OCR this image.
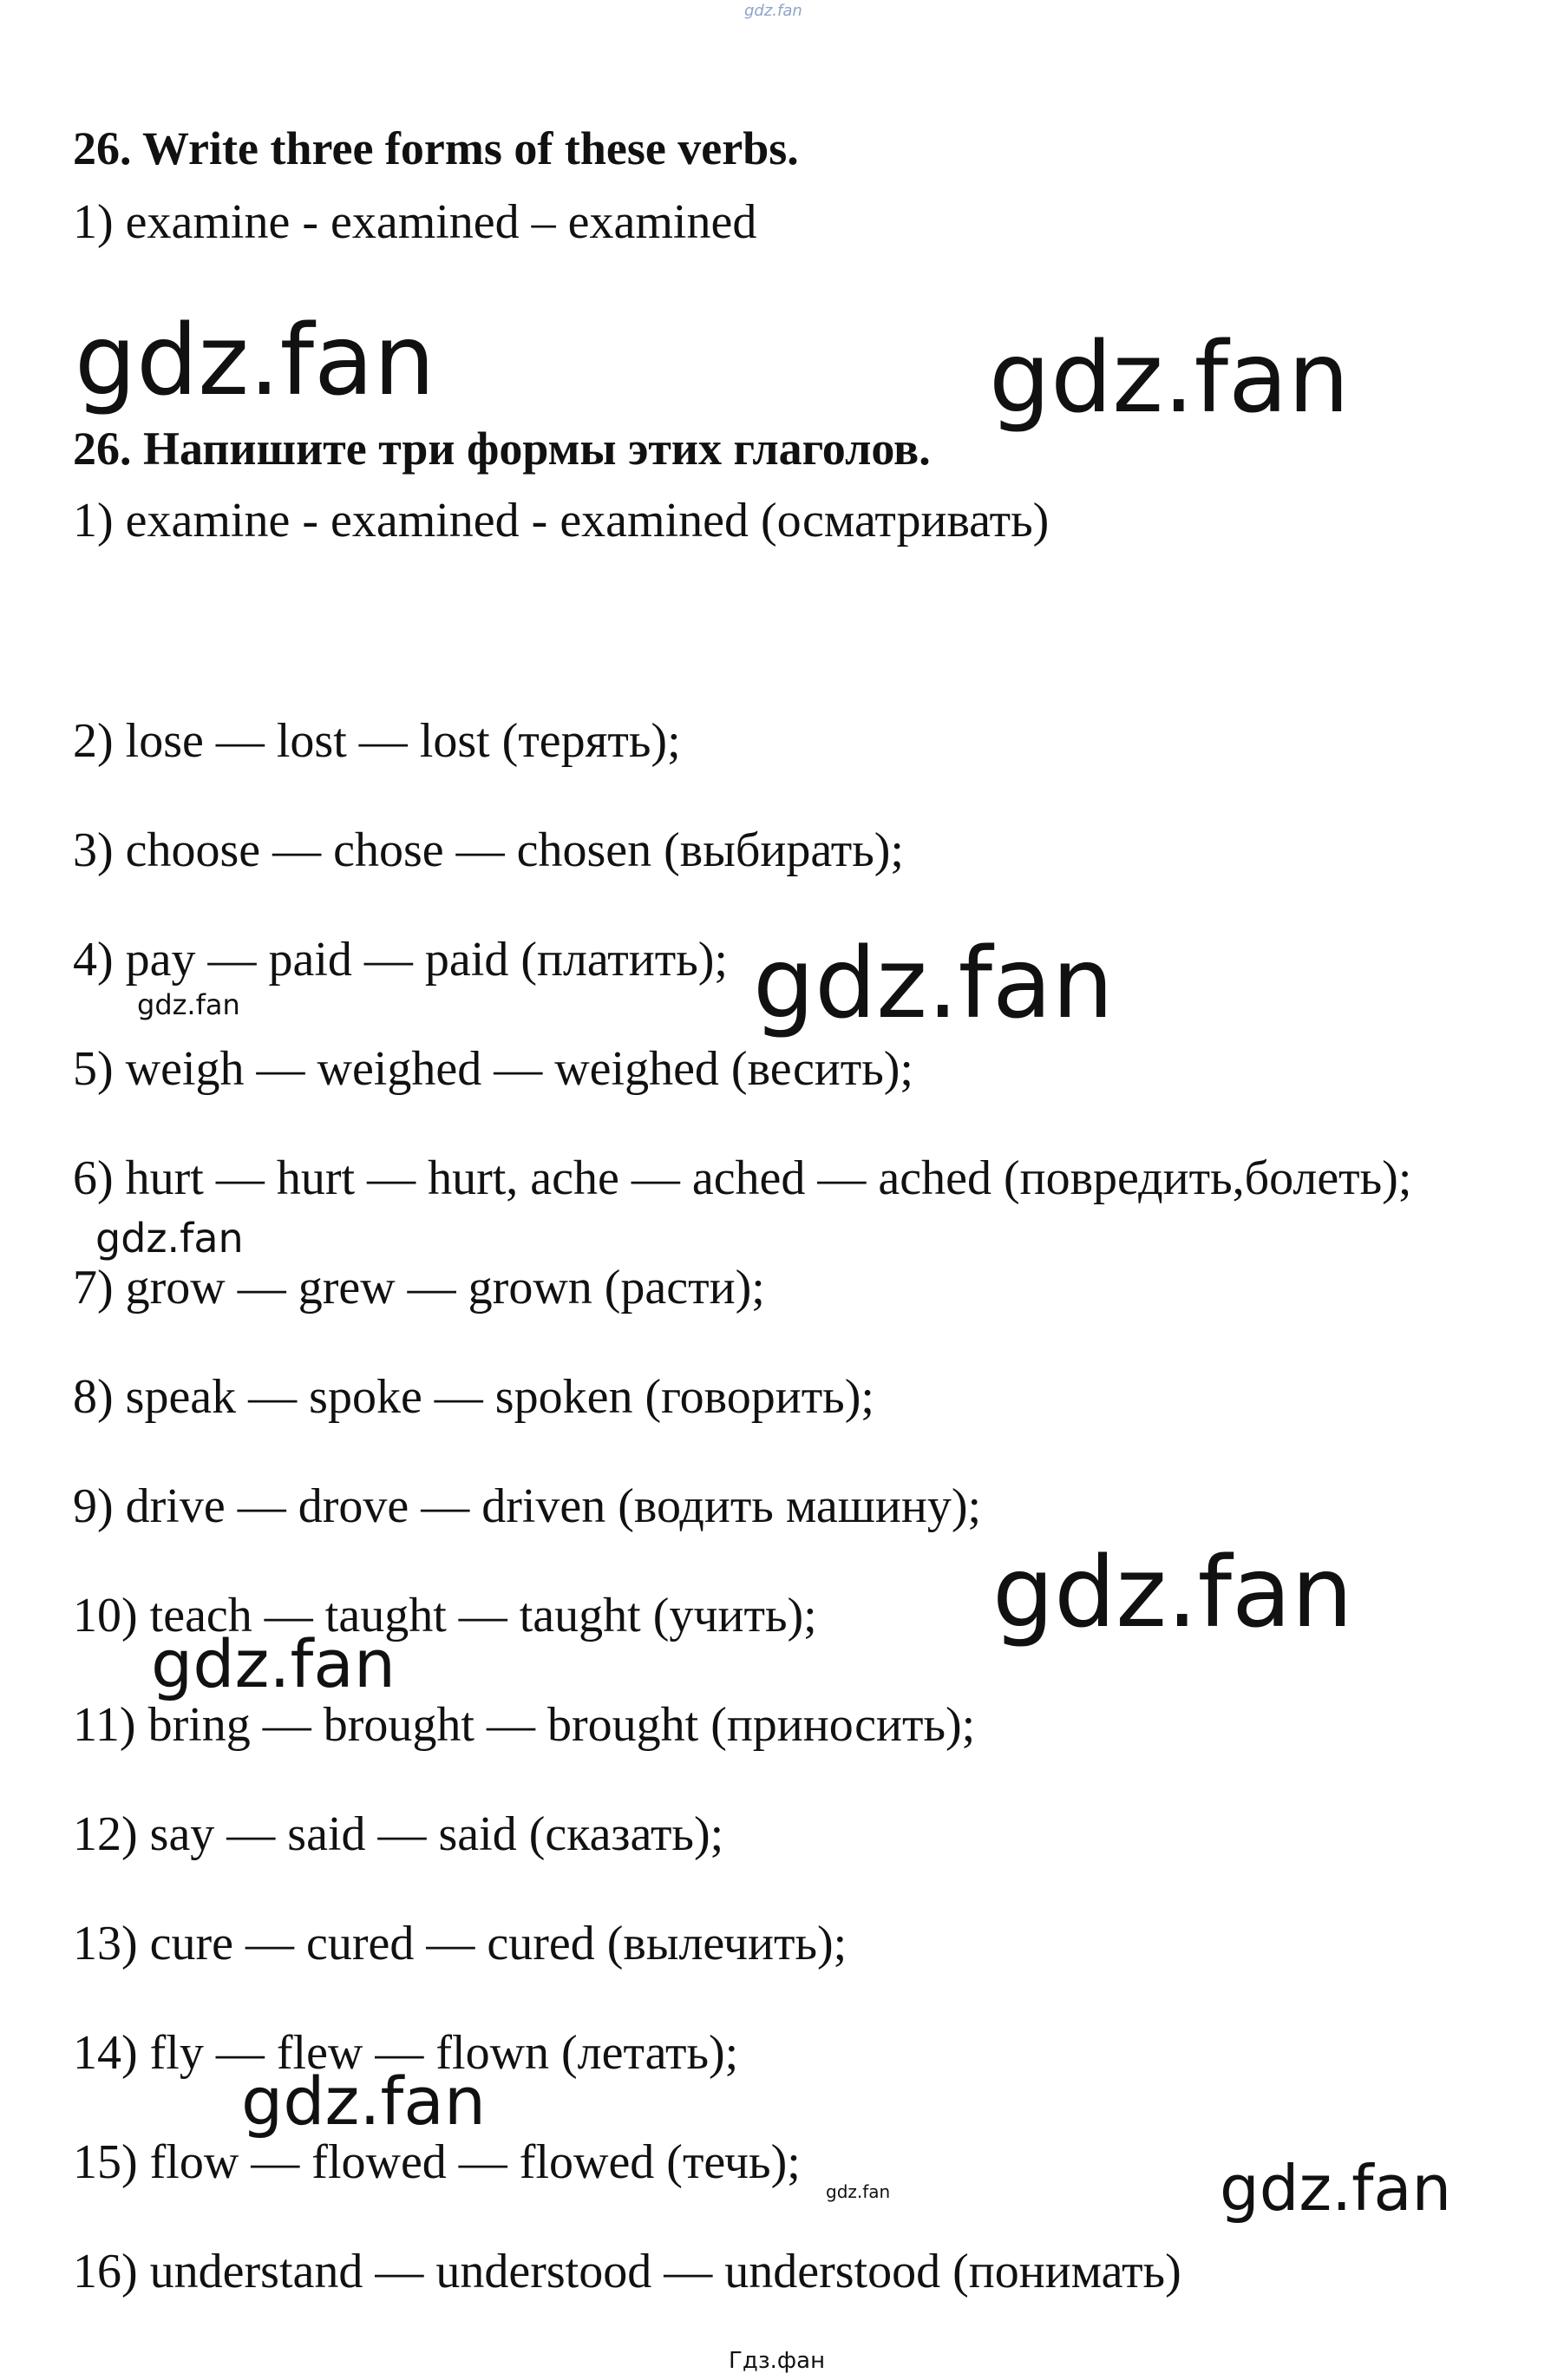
gdz.fan
26. Write three forms of these verbs.
1) examine - examined – examined
26. Напишите три формы этих глаголов.
1) examine - examined - examined (осматривать)
2) lose — lost — lost (терять);
3) choose — chose — chosen (выбирать);
4) pay — paid — paid (платить);
5) weigh — weighed — weighed (весить);
6) hurt — hurt — hurt, ache — ached — ached (повредить,болеть);
7) grow — grew — grown (расти);
8) speak — spoke — spoken (говорить);
9) drive — drove — driven (водить машину);
10) teach — taught — taught (учить);
11) bring — brought — brought (приносить);
12) say — said — said (сказать);
13) cure — cured — cured (вылечить);
14) fly — flew — flown (летать);
15) flow — flowed — flowed (течь);
16) understand — understood — understood (понимать)
gdz.fan	gdz.fan
gdz.fan
gdz.fan
gdz.fan
gdz.fan
gdz.fan
gdz.fan
gdz.fan	gdz.fan
Гдз.фан
